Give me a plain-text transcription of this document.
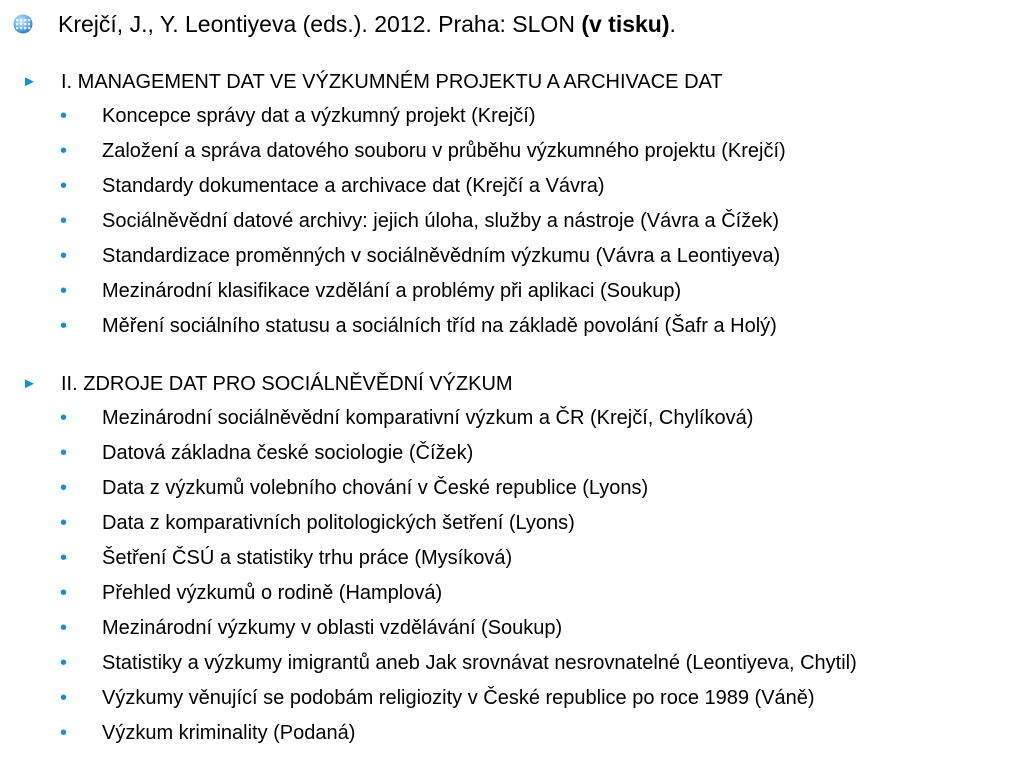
Krejčí, J., Y. Leontiyeva (eds.). 2012. Praha: SLON (v tisku).
► I. MANAGEMENT DAT VE VÝZKUMNÉM PROJEKTU A ARCHIVACE DAT
• Koncepce správy dat a výzkumný projekt (Krejčí)
• Založení a správa datového souboru v průběhu výzkumného projektu (Krejčí)
• Standardy dokumentace a archivace dat (Krejčí a Vávra)
• Sociálněvědní datové archivy: jejich úloha, služby a nástroje (Vávra a Čížek)
• Standardizace proměnných v sociálněvědním výzkumu (Vávra a Leontiyeva)
• Mezinárodní klasifikace vzdělání a problémy při aplikaci (Soukup)
• Měření sociálního statusu a sociálních tříd na základě povolání (Šafr a Holý)
► II. ZDROJE DAT PRO SOCIÁLNĚVĚDNÍ VÝZKUM
• Mezinárodní sociálněvědní komparativní výzkum a ČR (Krejčí, Chylíková)
• Datová základna české sociologie (Čížek)
• Data z výzkumů volebního chování v České republice (Lyons)
• Data z komparativních politologických šetření (Lyons)
• Šetření ČSÚ a statistiky trhu práce (Mysíková)
• Přehled výzkumů o rodině (Hamplová)
• Mezinárodní výzkumy v oblasti vzdělávání (Soukup)
• Statistiky a výzkumy imigrantů aneb Jak srovnávat nesrovnatelné (Leontiyeva, Chytil)
• Výzkumy věnující se podobám religiozity v České republice po roce 1989 (Váně)
• Výzkum kriminality (Podaná)
